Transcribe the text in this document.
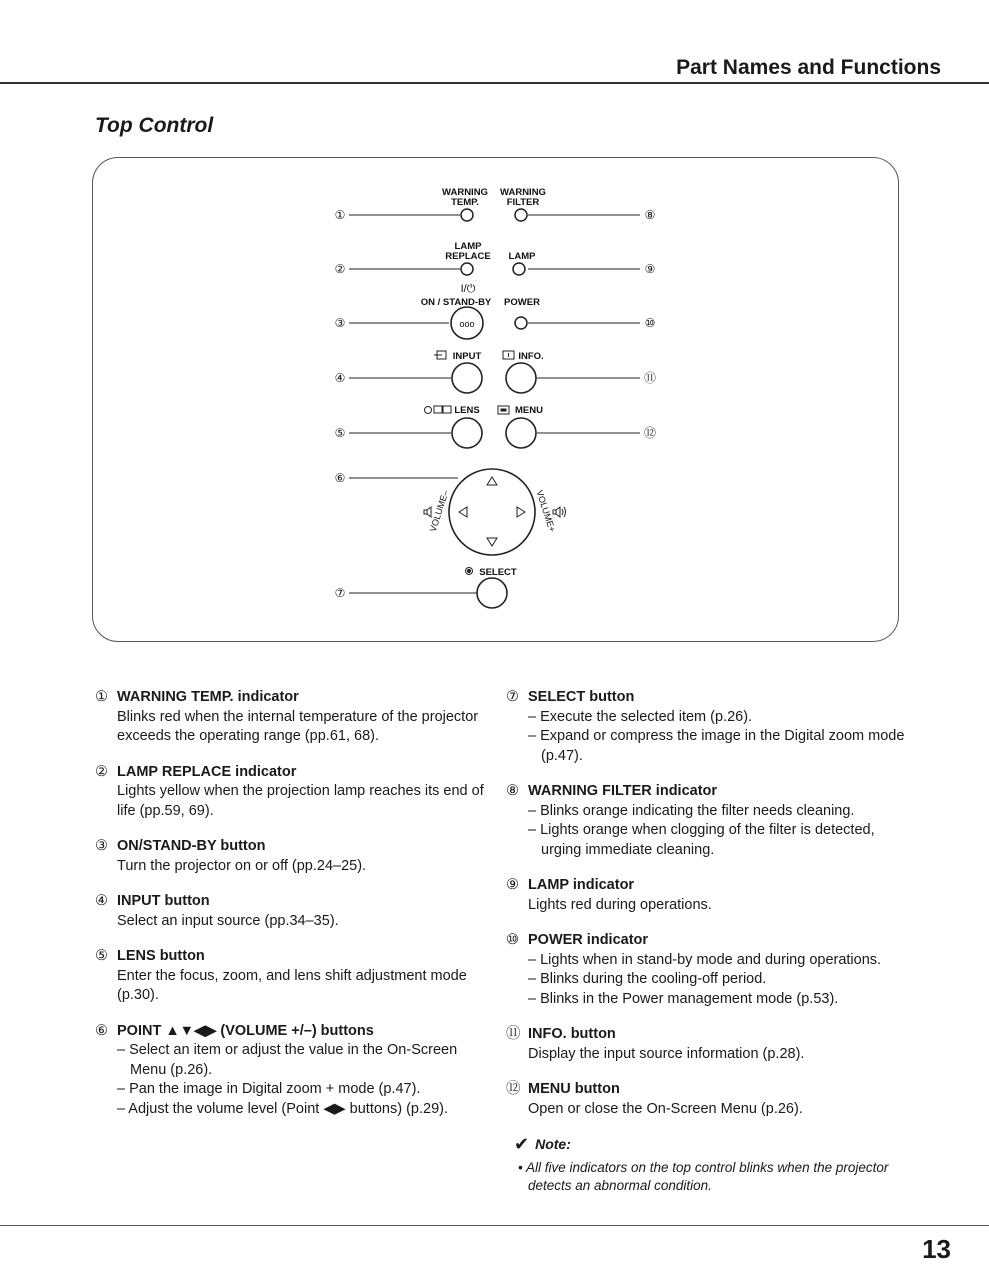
Part Names and Functions
Top Control
①
②
③
④
⑤
⑥
⑦
⑧
⑨
⑩
⑪
⑫
WARNING
TEMP.
WARNING
FILTER
LAMP
REPLACE LAMP
I/⏻
ON / STAND-BY POWER
INPUT	INFO.
LENS	MENU
SELECT
ooo
VOLUME–	VOLUME+
① WARNING TEMP. indicator
Blinks red when the internal temperature of the projector exceeds the operating range (pp.61, 68).
② LAMP REPLACE indicator
Lights yellow when the projection lamp reaches its end of life (pp.59, 69).
③ ON/STAND-BY button
Turn the projector on or off (pp.24–25).
④ INPUT button
Select an input source (pp.34–35).
⑤ LENS button
Enter the focus, zoom, and lens shift adjustment mode (p.30).
⑥ POINT ▲▼◀▶ (VOLUME +/–) buttons
– Select an item or adjust the value in the On-Screen Menu (p.26).
– Pan the image in Digital zoom + mode (p.47).
– Adjust the volume level (Point ◀▶ buttons) (p.29).
⑦ SELECT button
– Execute the selected item (p.26).
– Expand or compress the image in the Digital zoom mode (p.47).
⑧ WARNING FILTER indicator
– Blinks orange indicating the filter needs cleaning.
– Lights orange when clogging of the filter is detected, urging immediate cleaning.
⑨ LAMP indicator
Lights red during operations.
⑩ POWER indicator
– Lights when in stand-by mode and during operations.
– Blinks during the cooling-off period.
– Blinks in the Power management mode (p.53).
⑪ INFO. button
Display the input source information (p.28).
⑫ MENU button
Open or close the On-Screen Menu (p.26).
✔ Note:
• All five indicators on the top control blinks when the projector detects an abnormal condition.
13
